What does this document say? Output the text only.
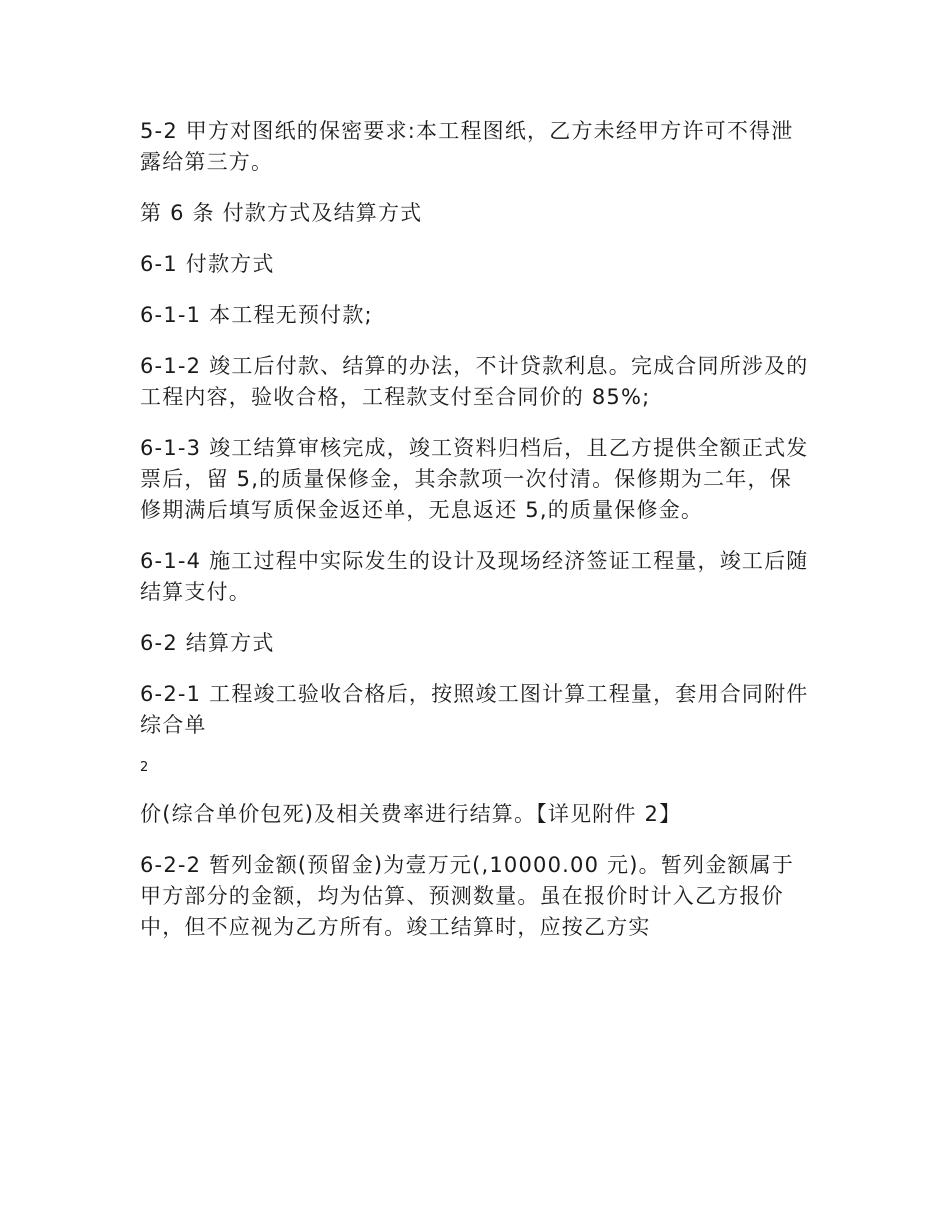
5-2 甲方对图纸的保密要求:本工程图纸，乙方未经甲方许可不得泄露给第三方。

第 6 条 付款方式及结算方式

6-1 付款方式

6-1-1 本工程无预付款;

6-1-2 竣工后付款、结算的办法，不计贷款利息。完成合同所涉及的工程内容，验收合格，工程款支付至合同价的 85%;

6-1-3 竣工结算审核完成，竣工资料归档后，且乙方提供全额正式发票后，留 5,的质量保修金，其余款项一次付清。保修期为二年，保修期满后填写质保金返还单，无息返还 5,的质量保修金。

6-1-4 施工过程中实际发生的设计及现场经济签证工程量，竣工后随结算支付。

6-2 结算方式

6-2-1 工程竣工验收合格后，按照竣工图计算工程量，套用合同附件综合单

2

价(综合单价包死)及相关费率进行结算。【详见附件 2】

6-2-2 暂列金额(预留金)为壹万元(,10000.00 元)。暂列金额属于甲方部分的金额，均为估算、预测数量。虽在报价时计入乙方报价中，但不应视为乙方所有。竣工结算时，应按乙方实
